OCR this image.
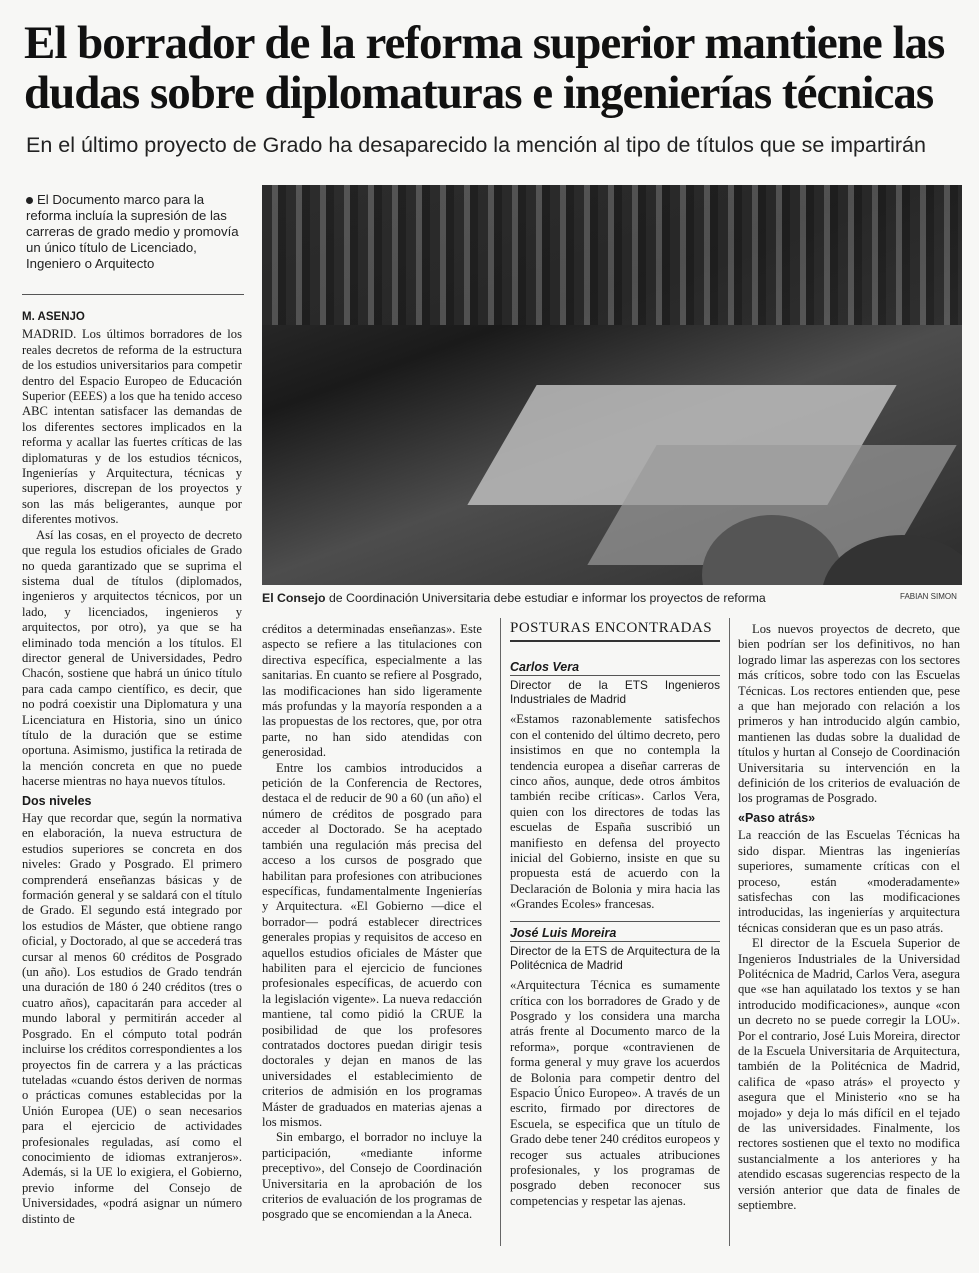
El borrador de la reforma superior mantiene las dudas sobre diplomaturas e ingenierías técnicas

En el último proyecto de Grado ha desaparecido la mención al tipo de títulos que se impartirán

El Documento marco para la reforma incluía la supresión de las carreras de grado medio y promovía un único título de Licenciado, Ingeniero o Arquitecto
M. ASENJO

MADRID. Los últimos borradores de los reales decretos de reforma de la estructura de los estudios universitarios para competir dentro del Espacio Europeo de Educación Superior (EEES) a los que ha tenido acceso ABC intentan satisfacer las demandas de los diferentes sectores implicados en la reforma y acallar las fuertes críticas de las diplomaturas y de los estudios técnicos, Ingenierías y Arquitectura, técnicas y superiores, discrepan de los proyectos y son las más beligerantes, aunque por diferentes motivos.

Así las cosas, en el proyecto de decreto que regula los estudios oficiales de Grado no queda garantizado que se suprima el sistema dual de títulos (diplomados, ingenieros y arquitectos técnicos, por un lado, y licenciados, ingenieros y arquitectos, por otro), ya que se ha eliminado toda mención a los títulos. El director general de Universidades, Pedro Chacón, sostiene que habrá un único título para cada campo científico, es decir, que no podrá coexistir una Diplomatura y una Licenciatura en Historia, sino un único título de la duración que se estime oportuna. Asimismo, justifica la retirada de la mención concreta en que no puede hacerse mientras no haya nuevos títulos.

Dos niveles

Hay que recordar que, según la normativa en elaboración, la nueva estructura de estudios superiores se concreta en dos niveles: Grado y Posgrado. El primero comprenderá enseñanzas básicas y de formación general y se saldará con el título de Grado. El segundo está integrado por los estudios de Máster, que obtiene rango oficial, y Doctorado, al que se accederá tras cursar al menos 60 créditos de Posgrado (un año). Los estudios de Grado tendrán una duración de 180 ó 240 créditos (tres o cuatro años), capacitarán para acceder al mundo laboral y permitirán acceder al Posgrado. En el cómputo total podrán incluirse los créditos correspondientes a los proyectos fin de carrera y a las prácticas tuteladas «cuando éstos deriven de normas o prácticas comunes establecidas por la Unión Europea (UE) o sean necesarios para el ejercicio de actividades profesionales reguladas, así como el conocimiento de idiomas extranjeros». Además, si la UE lo exigiera, el Gobierno, previo informe del Consejo de Universidades, «podrá asignar un número distinto de

El Consejo de Coordinación Universitaria debe estudiar e informar los proyectos de reforma	FABIAN SIMON

créditos a determinadas enseñanzas». Este aspecto se refiere a las titulaciones con directiva específica, especialmente a las sanitarias. En cuanto se refiere al Posgrado, las modificaciones han sido ligeramente más profundas y la mayoría responden a a las propuestas de los rectores, que, por otra parte, no han sido atendidas con generosidad.

Entre los cambios introducidos a petición de la Conferencia de Rectores, destaca el de reducir de 90 a 60 (un año) el número de créditos de posgrado para acceder al Doctorado. Se ha aceptado también una regulación más precisa del acceso a los cursos de posgrado que habilitan para profesiones con atribuciones específicas, fundamentalmente Ingenierías y Arquitectura. «El Gobierno —dice el borrador— podrá establecer directrices generales propias y requisitos de acceso en aquellos estudios oficiales de Máster que habiliten para el ejercicio de funciones profesionales específicas, de acuerdo con la legislación vigente». La nueva redacción mantiene, tal como pidió la CRUE la posibilidad de que los profesores contratados doctores puedan dirigir tesis doctorales y dejan en manos de las universidades el establecimiento de criterios de admisión en los programas Máster de graduados en materias ajenas a los mismos.

Sin embargo, el borrador no incluye la participación, «mediante informe preceptivo», del Consejo de Coordinación Universitaria en la aprobación de los criterios de evaluación de los programas de posgrado que se encomiendan a la Aneca.

POSTURAS ENCONTRADAS
Carlos Vera
Director de la ETS Ingenieros Industriales de Madrid

«Estamos razonablemente satisfechos con el contenido del último decreto, pero insistimos en que no contempla la tendencia europea a diseñar carreras de cinco años, aunque, dede otros ámbitos también recibe críticas». Carlos Vera, quien con los directores de todas las escuelas de España suscribió un manifiesto en defensa del proyecto inicial del Gobierno, insiste en que su propuesta está de acuerdo con la Declaración de Bolonia y mira hacia las «Grandes Ecoles» francesas.

José Luis Moreira
Director de la ETS de Arquitectura de la Politécnica de Madrid

«Arquitectura Técnica es sumamente crítica con los borradores de Grado y de Posgrado y los considera una marcha atrás frente al Documento marco de la reforma», porque «contravienen de forma general y muy grave los acuerdos de Bolonia para competir dentro del Espacio Único Europeo». A través de un escrito, firmado por directores de Escuela, se especifica que un título de Grado debe tener 240 créditos europeos y recoger sus actuales atribuciones profesionales, y los programas de posgrado deben reconocer sus competencias y respetar las ajenas.

Los nuevos proyectos de decreto, que bien podrían ser los definitivos, no han logrado limar las asperezas con los sectores más críticos, sobre todo con las Escuelas Técnicas. Los rectores entienden que, pese a que han mejorado con relación a los primeros y han introducido algún cambio, mantienen las dudas sobre la dualidad de títulos y hurtan al Consejo de Coordinación Universitaria su intervención en la definición de los criterios de evaluación de los programas de Posgrado.

«Paso atrás»

La reacción de las Escuelas Técnicas ha sido dispar. Mientras las ingenierías superiores, sumamente críticas con el proceso, están «moderadamente» satisfechas con las modificaciones introducidas, las ingenierías y arquitectura técnicas consideran que es un paso atrás.

El director de la Escuela Superior de Ingenieros Industriales de la Universidad Politécnica de Madrid, Carlos Vera, asegura que «se han aquilatado los textos y se han introducido modificaciones», aunque «con un decreto no se puede corregir la LOU». Por el contrario, José Luis Moreira, director de la Escuela Universitaria de Arquitectura, también de la Politécnica de Madrid, califica de «paso atrás» el proyecto y asegura que el Ministerio «no se ha mojado» y deja lo más difícil en el tejado de las universidades. Finalmente, los rectores sostienen que el texto no modifica sustancialmente a los anteriores y ha atendido escasas sugerencias respecto de la versión anterior que data de finales de septiembre.
